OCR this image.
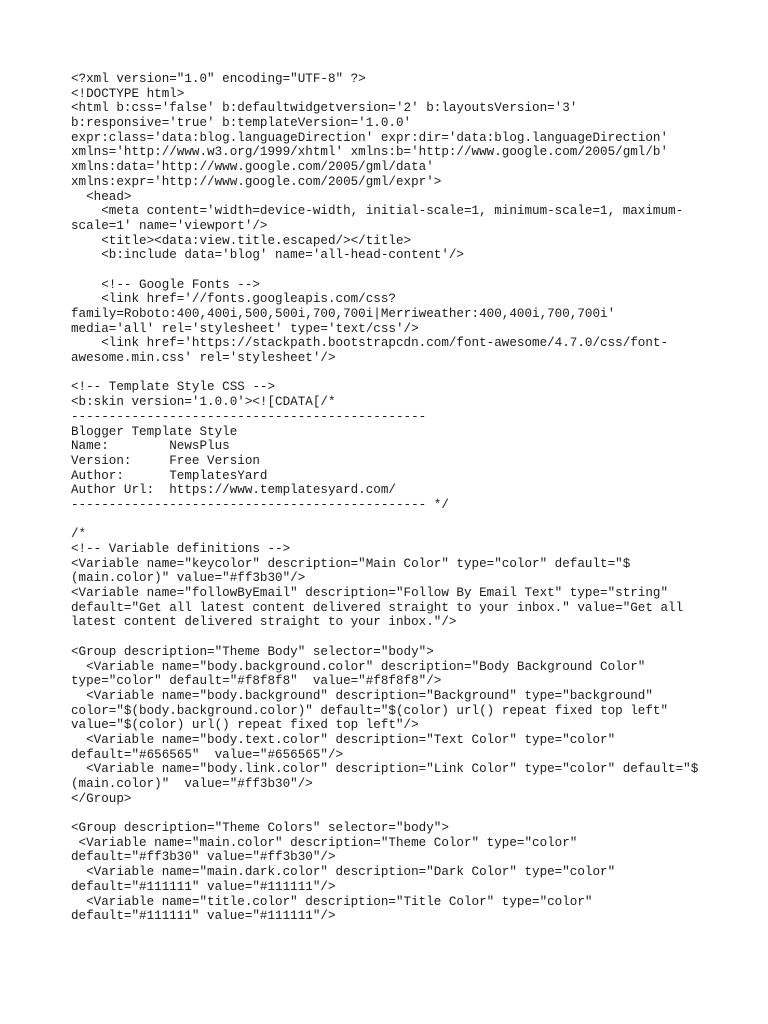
<?xml version="1.0" encoding="UTF-8" ?>
<!DOCTYPE html>
<html b:css='false' b:defaultwidgetversion='2' b:layoutsVersion='3'
b:responsive='true' b:templateVersion='1.0.0'
expr:class='data:blog.languageDirection' expr:dir='data:blog.languageDirection'
xmlns='http://www.w3.org/1999/xhtml' xmlns:b='http://www.google.com/2005/gml/b'
xmlns:data='http://www.google.com/2005/gml/data'
xmlns:expr='http://www.google.com/2005/gml/expr'>
<head>
<meta content='width=device-width, initial-scale=1, minimum-scale=1, maximum-
scale=1' name='viewport'/>
<title><data:view.title.escaped/></title>
<b:include data='blog' name='all-head-content'/>
<!-- Google Fonts -->
<link href='//fonts.googleapis.com/css?
family=Roboto:400,400i,500,500i,700,700i|Merriweather:400,400i,700,700i'
media='all' rel='stylesheet' type='text/css'/>
<link href='https://stackpath.bootstrapcdn.com/font-awesome/4.7.0/css/font-
awesome.min.css' rel='stylesheet'/>
<!-- Template Style CSS -->
<b:skin version='1.0.0'><![CDATA[/*
-----------------------------------------------
Blogger Template Style
Name:        NewsPlus
Version:     Free Version
Author:      TemplatesYard
Author Url:  https://www.templatesyard.com/
----------------------------------------------- */
/*
<!-- Variable definitions -->
<Variable name="keycolor" description="Main Color" type="color" default="$
(main.color)" value="#ff3b30"/>
<Variable name="followByEmail" description="Follow By Email Text" type="string"
default="Get all latest content delivered straight to your inbox." value="Get all
latest content delivered straight to your inbox."/>
<Group description="Theme Body" selector="body">
<Variable name="body.background.color" description="Body Background Color"
type="color" default="#f8f8f8"  value="#f8f8f8"/>
<Variable name="body.background" description="Background" type="background"
color="$(body.background.color)" default="$(color) url() repeat fixed top left"
value="$(color) url() repeat fixed top left"/>
<Variable name="body.text.color" description="Text Color" type="color"
default="#656565"  value="#656565"/>
<Variable name="body.link.color" description="Link Color" type="color" default="$
(main.color)"  value="#ff3b30"/>
</Group>
<Group description="Theme Colors" selector="body">
<Variable name="main.color" description="Theme Color" type="color"
default="#ff3b30" value="#ff3b30"/>
<Variable name="main.dark.color" description="Dark Color" type="color"
default="#111111" value="#111111"/>
<Variable name="title.color" description="Title Color" type="color"
default="#111111" value="#111111"/>
